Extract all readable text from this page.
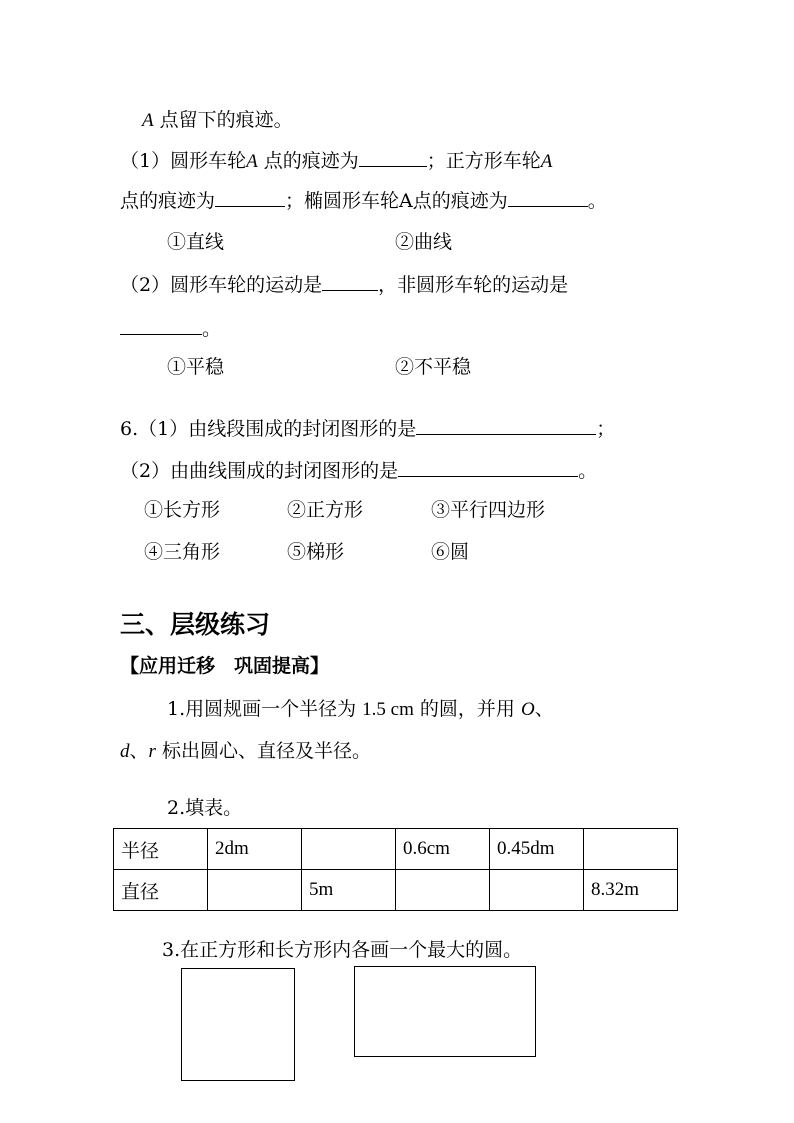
A 点留下的痕迹。
（1）圆形车轮A 点的痕迹为	；正方形车轮A
点的痕迹为	；椭圆形车轮A点的痕迹为	。
①直线	②曲线
（2）圆形车轮的运动是	，非圆形车轮的运动是
。
①平稳	②不平稳
6.（1）由线段围成的封闭图形的是	；
（2）由曲线围成的封闭图形的是	。
①长方形	②正方形	③平行四边形
④三角形	⑤梯形	⑥圆
三、层级练习
【应用迁移　巩固提高】
1.用圆规画一个半径为 1.5 cm 的圆，并用 O、
d、r 标出圆心、直径及半径。
2.填表。
半径	2dm		0.6cm	0.45dm	
直径		5m			8.32m
3.在正方形和长方形内各画一个最大的圆。
